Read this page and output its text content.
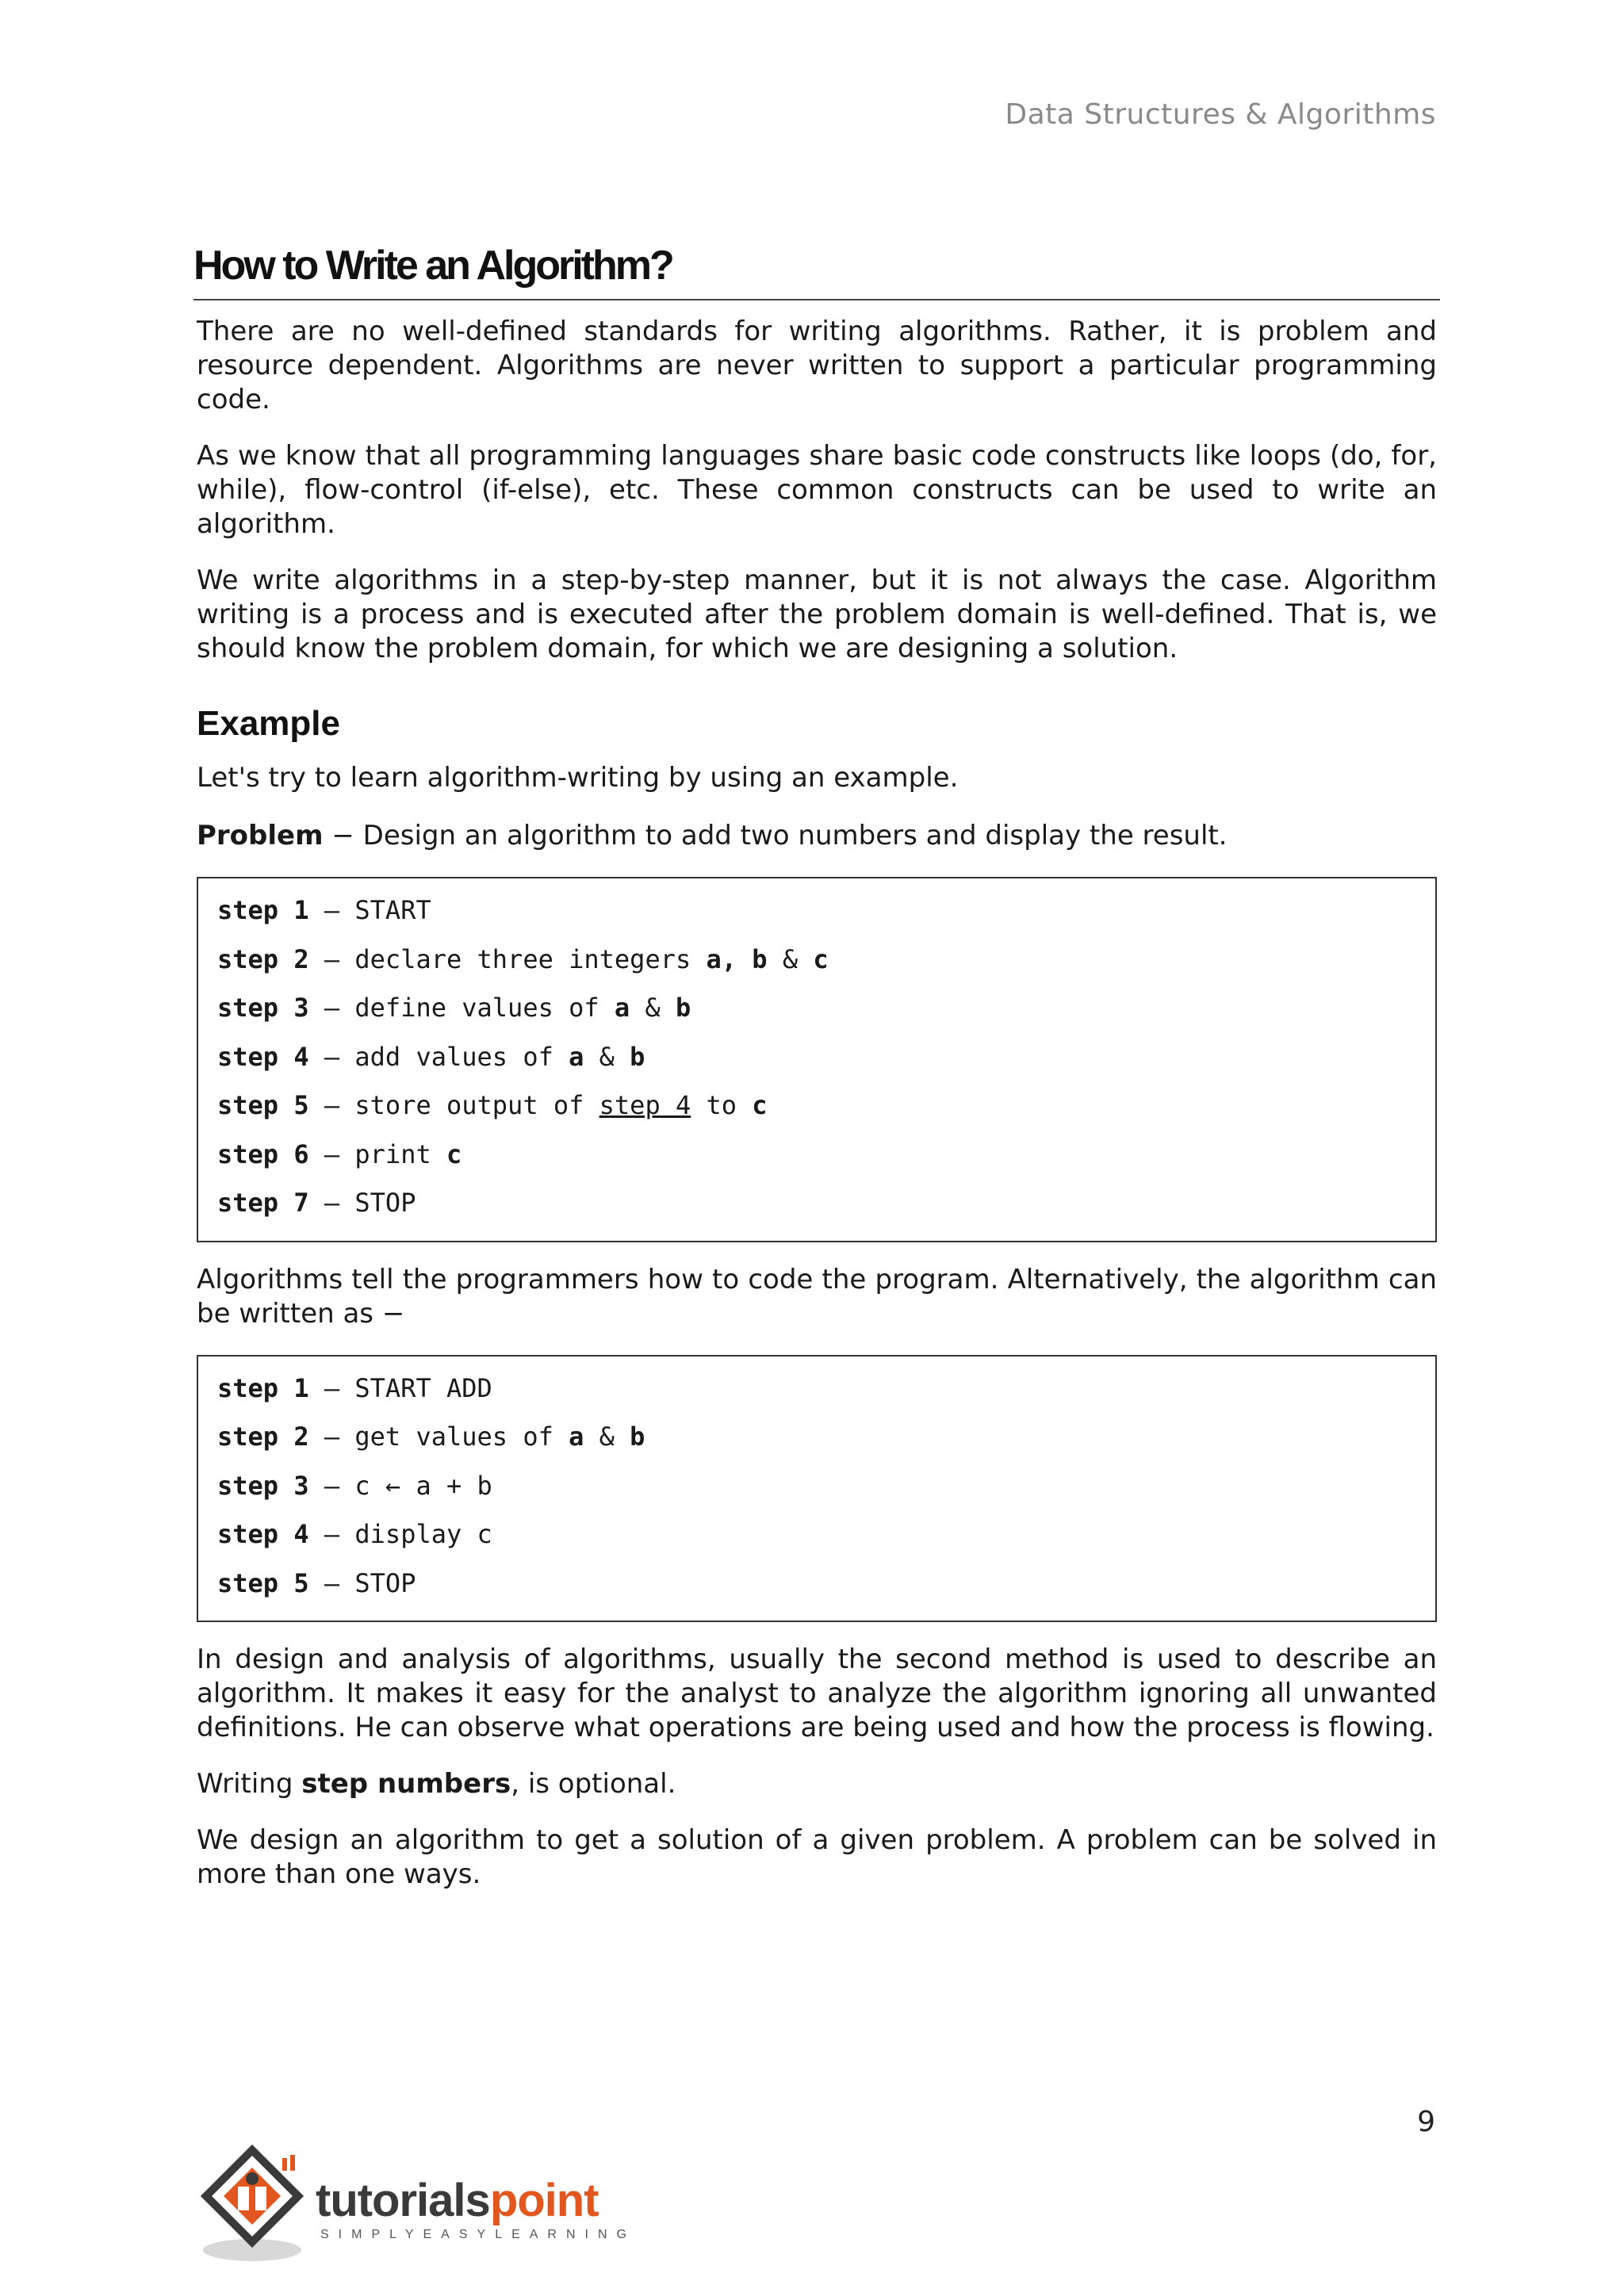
Data Structures & Algorithms
How to Write an Algorithm?

There are no well-defined standards for writing algorithms. Rather, it is problem and resource dependent. Algorithms are never written to support a particular programming code.

As we know that all programming languages share basic code constructs like loops (do, for, while), flow-control (if-else), etc. These common constructs can be used to write an algorithm.

We write algorithms in a step-by-step manner, but it is not always the case. Algorithm writing is a process and is executed after the problem domain is well-defined. That is, we should know the problem domain, for which we are designing a solution.

Example

Let's try to learn algorithm-writing by using an example.

Problem − Design an algorithm to add two numbers and display the result.

step 1 – START
step 2 – declare three integers a, b & c
step 3 – define values of a & b
step 4 – add values of a & b
step 5 – store output of step 4 to c
step 6 – print c
step 7 – STOP

Algorithms tell the programmers how to code the program. Alternatively, the algorithm can be written as −

step 1 – START ADD
step 2 – get values of a & b
step 3 – c ← a + b
step 4 – display c
step 5 – STOP

In design and analysis of algorithms, usually the second method is used to describe an algorithm. It makes it easy for the analyst to analyze the algorithm ignoring all unwanted definitions. He can observe what operations are being used and how the process is flowing.

Writing step numbers, is optional.

We design an algorithm to get a solution of a given problem. A problem can be solved in more than one ways.

9
tutorialspoint
SIMPLYEASYLEARNING
